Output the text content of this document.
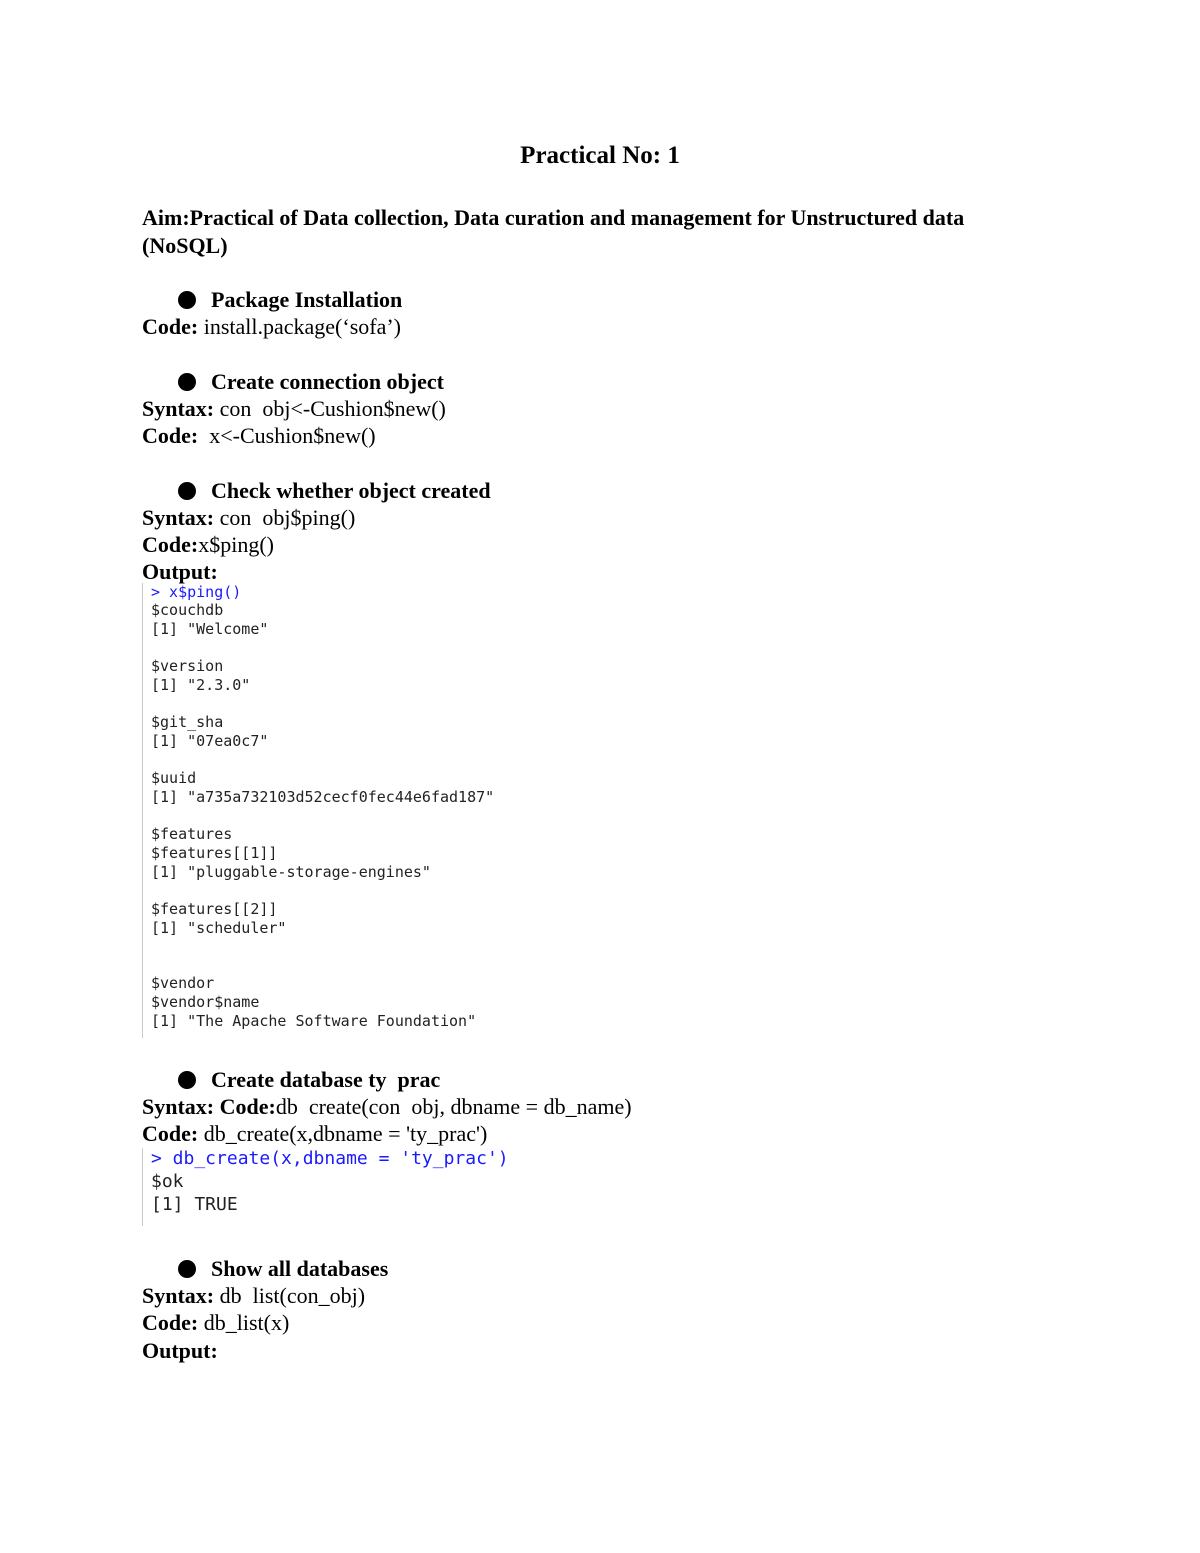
Practical No: 1
Aim:Practical of Data collection, Data curation and management for Unstructured data
(NoSQL)
Package Installation
Code: install.package(‘sofa’)
Create connection object
Syntax: con  obj<-Cushion$new()
Code:  x<-Cushion$new()
Check whether object created
Syntax: con  obj$ping()
Code:x$ping()
Output:
> x$ping()
$couchdb
[1] "Welcome"
$version
[1] "2.3.0"
$git_sha
[1] "07ea0c7"
$uuid
[1] "a735a732103d52cecf0fec44e6fad187"
$features
$features[[1]]
[1] "pluggable-storage-engines"
$features[[2]]
[1] "scheduler"
$vendor
$vendor$name
[1] "The Apache Software Foundation"
Create database ty  prac
Syntax: Code:db  create(con  obj, dbname = db_name)
Code: db_create(x,dbname = 'ty_prac')
> db_create(x,dbname = 'ty_prac')
$ok
[1] TRUE
Show all databases
Syntax: db  list(con_obj)
Code: db_list(x)
Output:
